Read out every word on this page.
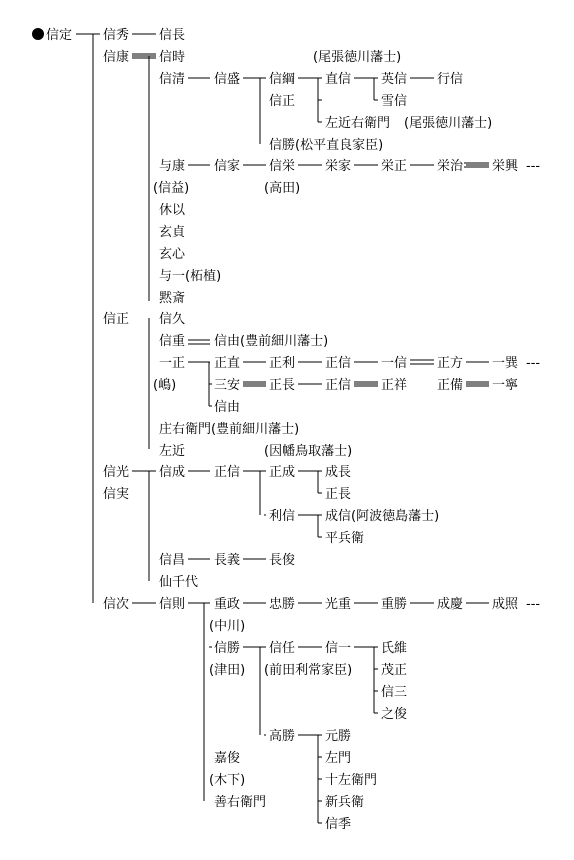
信定 信秀 信長
信康 信時	(尾張徳川藩士)
信清 信盛 信綱 直信 英信 行信
雪信
信正
左近右衛門 (尾張徳川藩士)
信勝(松平直良家臣)
与康
(信益)
信家 信栄
(高田)
栄家 栄正 栄治 栄興 ---
休以
玄貞
玄心
与一(柘植)
黙斎
信正 信久
信重 信由(豊前細川藩士)
一正
(嶋)
正直 正利 正信 一信 正方 一巽 ---
三安 正長 正信 正祥 正備 一寧
信由
庄右衛門(豊前細川藩士)
左近	(因幡鳥取藩士)
信光
信実
信成 正信 正成 成長
正長
利信 成信(阿波徳島藩士)
平兵衛
信昌 長義 長俊
仙千代
信次 信則 重政 忠勝 光重 重勝 成慶 成照 ---
(中川)
信勝
(津田)
信任 信一 氏維
(前田利常家臣) 茂正
信三
之俊
高勝 元勝
嘉俊	左門
(木下)	十左衛門
善右衛門	新兵衛
信季
